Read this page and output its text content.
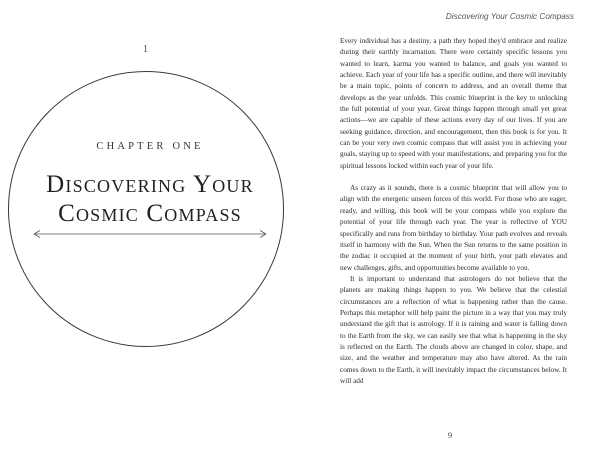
1
CHAPTER ONE
Discovering Your
Cosmic Compass
Discovering Your Cosmic Compass

Every individual has a destiny, a path they hoped they'd embrace and realize during their earthly incarnation. There were certainly specific lessons you wanted to learn, karma you wanted to balance, and goals you wanted to achieve. Each year of your life has a specific outline, and there will inevitably be a main topic, points of concern to address, and an overall theme that develops as the year unfolds. This cosmic blueprint is the key to unlocking the full potential of your year. Great things happen through small yet great actions—we are capable of these actions every day of our lives. If you are seeking guidance, direction, and encouragement, then this book is for you. It can be your very own cosmic compass that will assist you in achieving your goals, staying up to speed with your manifestations, and preparing you for the spiritual lessons locked within each year of your life.

As crazy as it sounds, there is a cosmic blueprint that will allow you to align with the energetic unseen forces of this world. For those who are eager, ready, and willing, this book will be your compass while you explore the potential of your life through each year. The year is reflective of YOU specifically and runs from birthday to birthday. Your path evolves and reveals itself in harmony with the Sun. When the Sun returns to the same position in the zodiac it occupied at the moment of your birth, your path elevates and new challenges, gifts, and opportunities become available to you.

It is important to understand that astrologers do not believe that the planets are making things happen to you. We believe that the celestial circumstances are a reflection of what is happening rather than the cause. Perhaps this metaphor will help paint the picture in a way that you may truly understand the gift that is astrology. If it is raining and water is falling down to the Earth from the sky, we can easily see that what is happening in the sky is reflected on the Earth. The clouds above are changed in color, shape, and size, and the weather and temperature may also have altered. As the rain comes down to the Earth, it will inevitably impact the circumstances below. It will add

9
